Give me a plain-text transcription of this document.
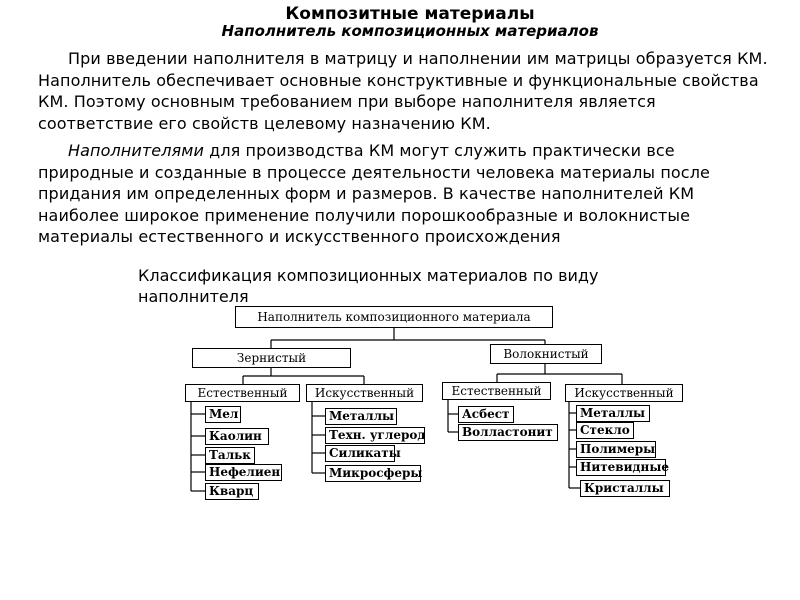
Композитные материалы
Наполнитель композиционных материалов
При введении наполнителя в матрицу и наполнении им матрицы образуется КМ. Наполнитель обеспечивает основные конструктивные и функциональные свойства КМ. Поэтому основным требованием при выборе наполнителя является соответствие его свойств целевому назначению КМ.
Наполнителями для производства КМ могут служить практически все природные и созданные в процессе деятельности человека материалы после придания им определенных форм и размеров. В качестве наполнителей КМ наиболее широкое применение получили порошкообразные и волокнистые материалы естественного и искусственного происхождения
Классификация композиционных материалов по виду наполнителя
Наполнитель композиционного материала
Зернистый	Волокнистый
Естественный	Искусственный	Естественный	Искусственный
Мел
Каолин
Тальк
Нефелиен
Кварц
Металлы
Техн. углерод
Силикаты
Микросферы
Асбест
Волластонит
Металлы
Стекло
Полимеры
Нитевидные
Кристаллы
